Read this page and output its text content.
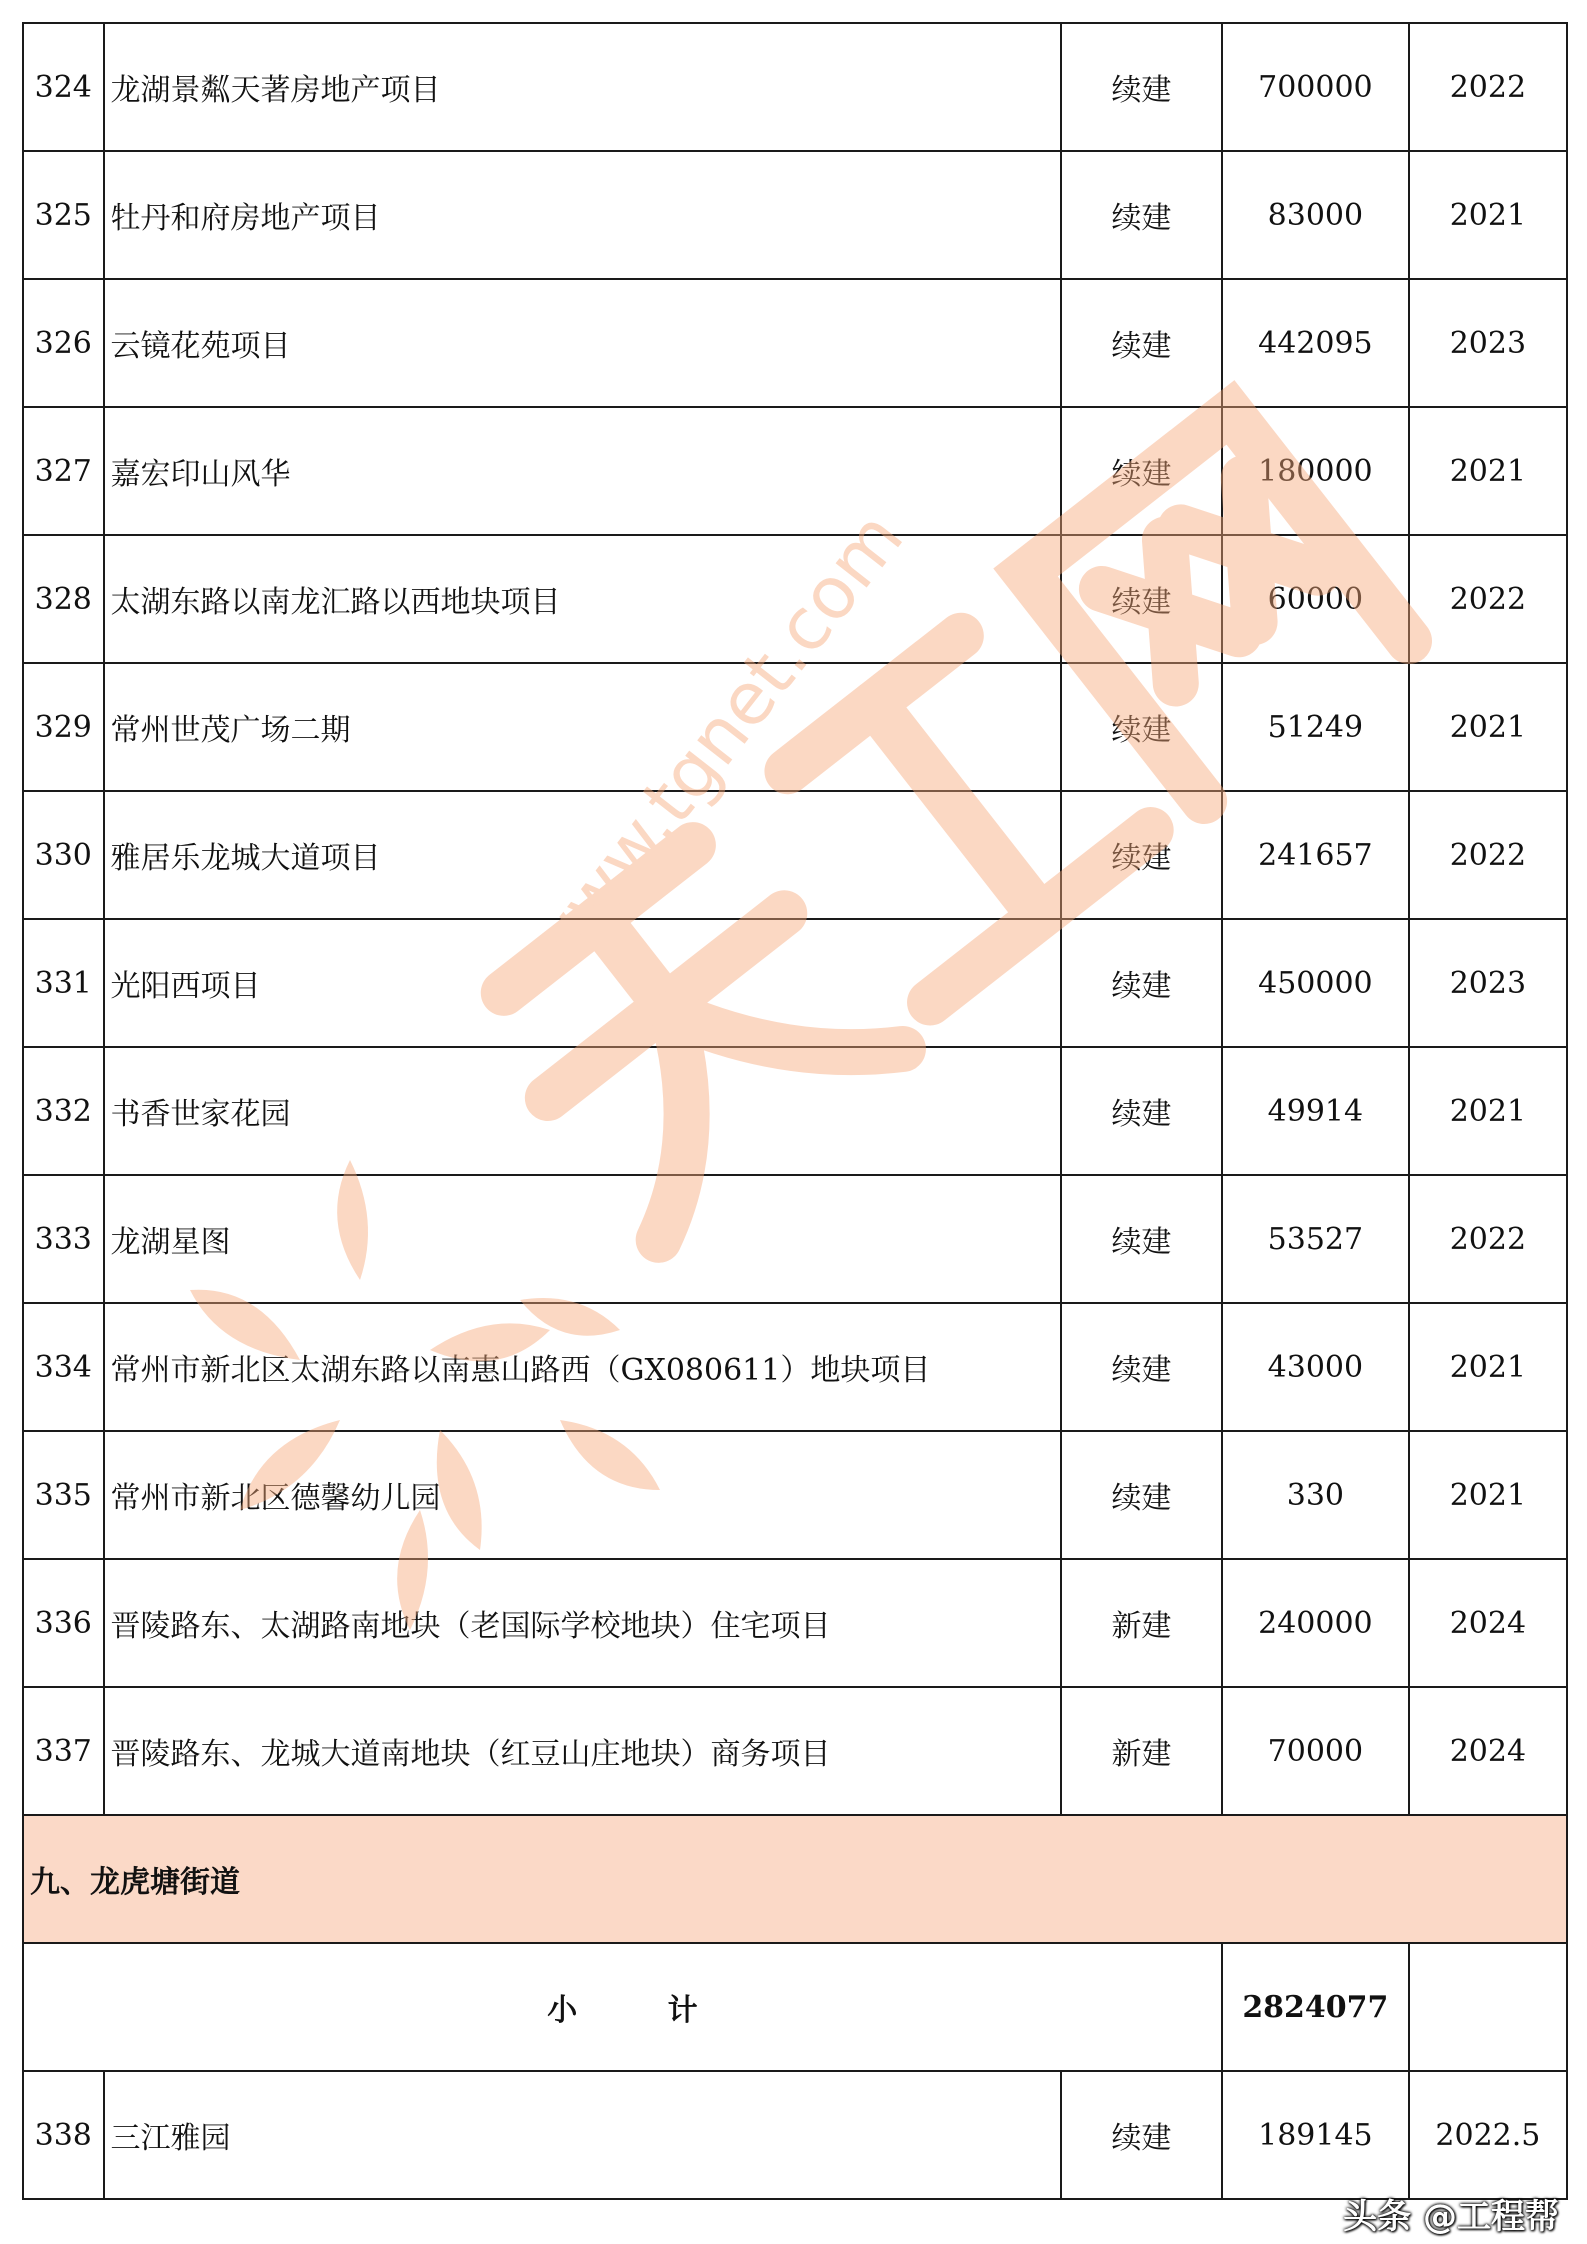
324	龙湖景粼天著房地产项目	续建	700000	2022
325	牡丹和府房地产项目	续建	83000	2021
326	云镜花苑项目	续建	442095	2023
327	嘉宏印山风华	续建	180000	2021
328	太湖东路以南龙汇路以西地块项目	续建	60000	2022
329	常州世茂广场二期	续建	51249	2021
330	雅居乐龙城大道项目	续建	241657	2022
331	光阳西项目	续建	450000	2023
332	书香世家花园	续建	49914	2021
333	龙湖星图	续建	53527	2022
334	常州市新北区太湖东路以南惠山路西（GX080611）地块项目	续建	43000	2021
335	常州市新北区德馨幼儿园	续建	330	2021
336	晋陵路东、太湖路南地块（老国际学校地块）住宅项目	新建	240000	2024
337	晋陵路东、龙城大道南地块（红豆山庄地块）商务项目	新建	70000	2024
九、龙虎塘街道				
小 计			2824077	
338	三江雅园	续建	189145	2022.5
www.tgnet.com
头条 @工程帮
